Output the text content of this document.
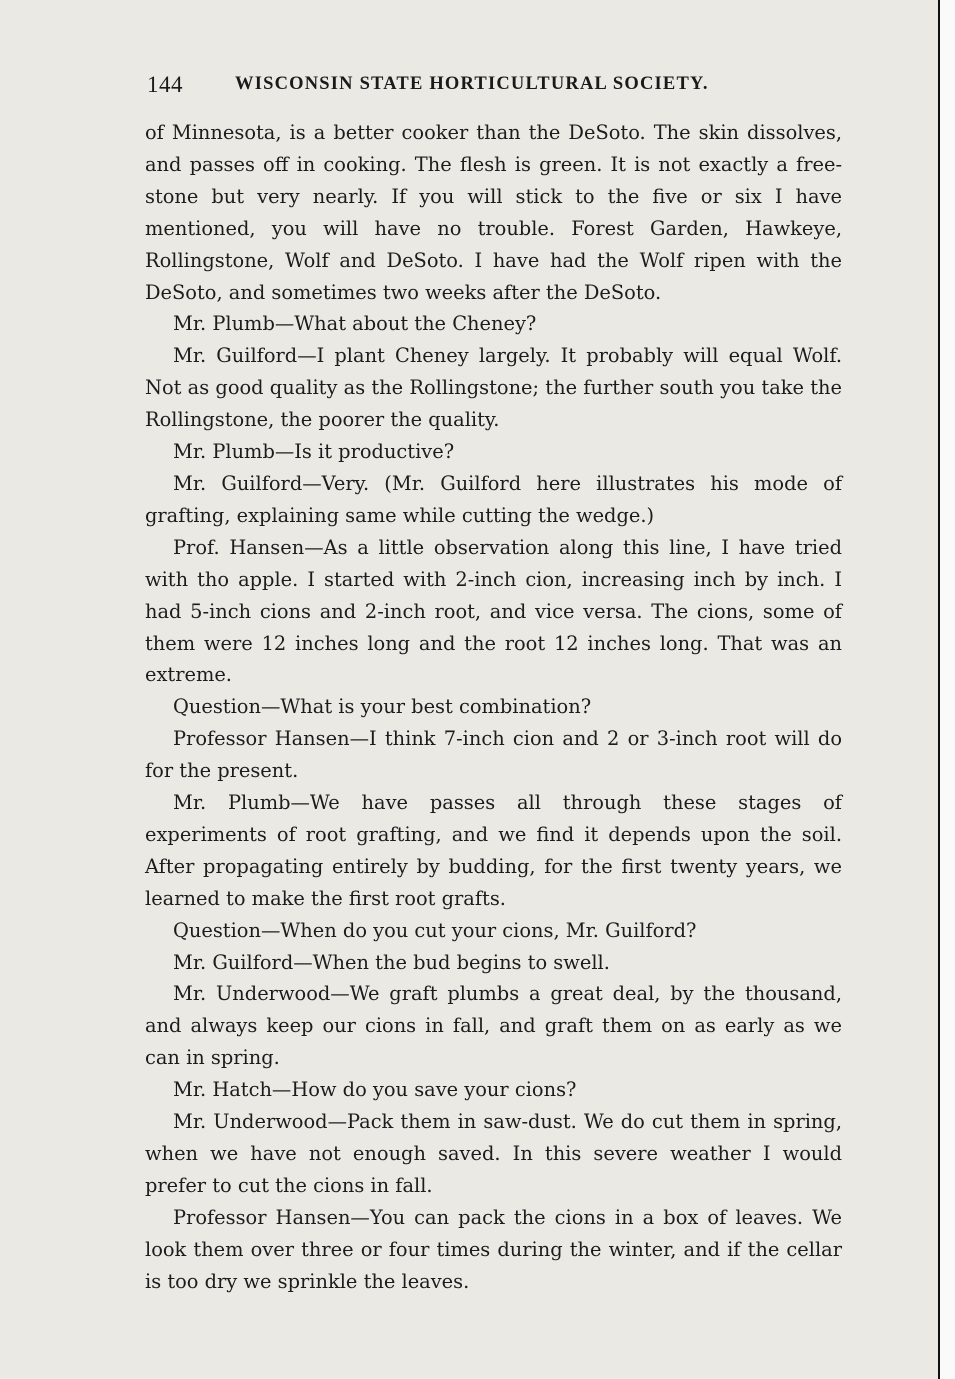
144	WISCONSIN STATE HORTICULTURAL SOCIETY.

of Minnesota, is a better cooker than the DeSoto. The skin dissolves, and passes off in cooking. The flesh is green. It is not exactly a free-stone but very nearly. If you will stick to the five or six I have mentioned, you will have no trouble. Forest Garden, Hawkeye, Rollingstone, Wolf and DeSoto. I have had the Wolf ripen with the DeSoto, and sometimes two weeks after the DeSoto.

Mr. Plumb—What about the Cheney?

Mr. Guilford—I plant Cheney largely. It probably will equal Wolf. Not as good quality as the Rollingstone; the further south you take the Rollingstone, the poorer the quality.

Mr. Plumb—Is it productive?

Mr. Guilford—Very. (Mr. Guilford here illustrates his mode of grafting, explaining same while cutting the wedge.)

Prof. Hansen—As a little observation along this line, I have tried with tho apple. I started with 2-inch cion, increasing inch by inch. I had 5-inch cions and 2-inch root, and vice versa. The cions, some of them were 12 inches long and the root 12 inches long. That was an extreme.

Question—What is your best combination?

Professor Hansen—I think 7-inch cion and 2 or 3-inch root will do for the present.

Mr. Plumb—We have passes all through these stages of experiments of root grafting, and we find it depends upon the soil. After propagating entirely by budding, for the first twenty years, we learned to make the first root grafts.

Question—When do you cut your cions, Mr. Guilford?

Mr. Guilford—When the bud begins to swell.

Mr. Underwood—We graft plumbs a great deal, by the thousand, and always keep our cions in fall, and graft them on as early as we can in spring.

Mr. Hatch—How do you save your cions?

Mr. Underwood—Pack them in saw-dust. We do cut them in spring, when we have not enough saved. In this severe weather I would prefer to cut the cions in fall.

Professor Hansen—You can pack the cions in a box of leaves. We look them over three or four times during the winter, and if the cellar is too dry we sprinkle the leaves.
